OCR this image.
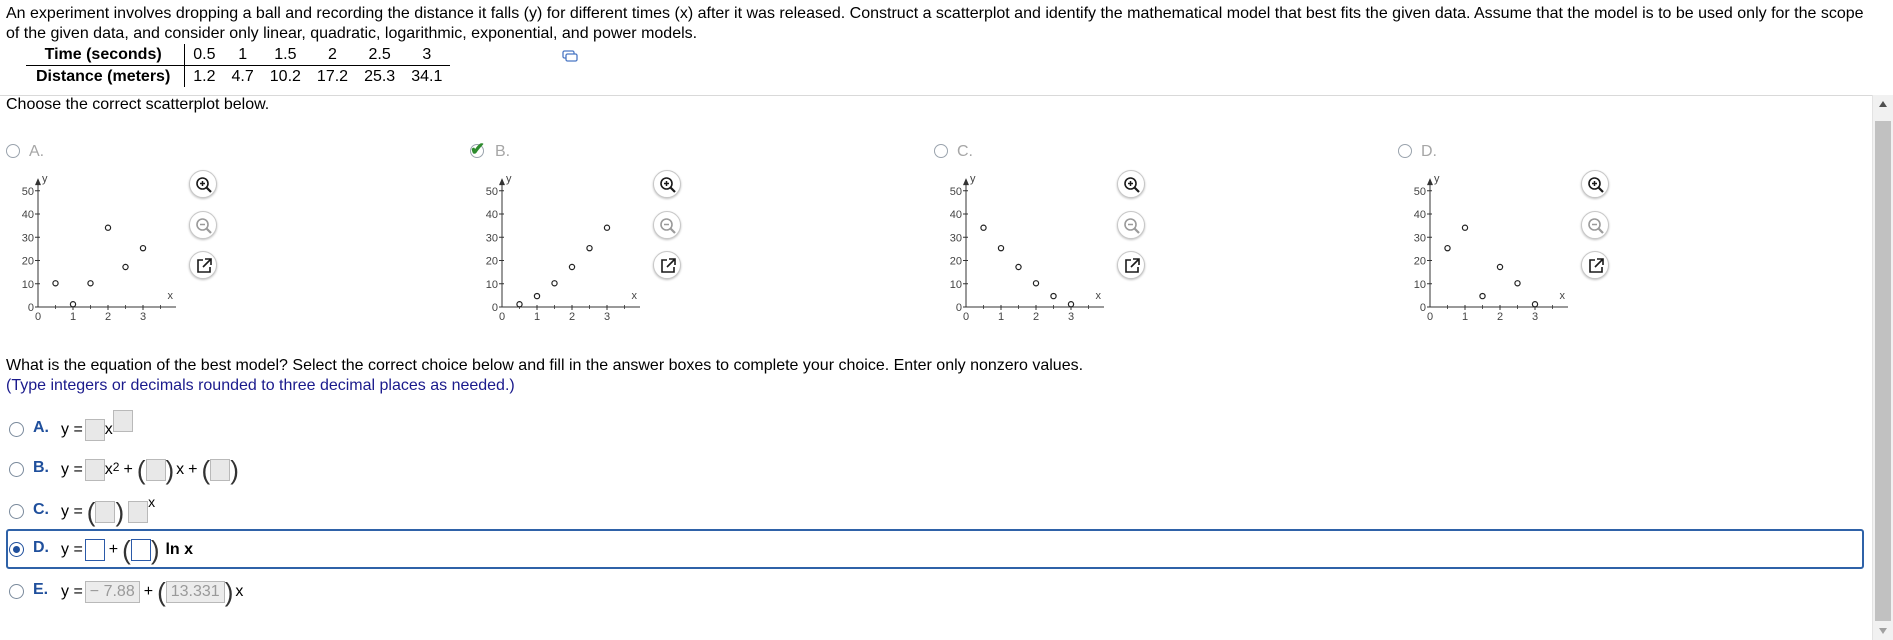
An experiment involves dropping a ball and recording the distance it falls (y) for different times (x) after it was released. Construct a scatterplot and identify the mathematical model that best fits the given data. Assume that the model is to be used only for the scope of the given data, and consider only linear, quadratic, logarithmic, exponential, and power models.
Time (seconds)	0.5	1	1.5	2	2.5	3
Distance (meters)	1.2	4.7	10.2	17.2	25.3	34.1
Choose the correct scatterplot below.
A.	✔ B.	C.	D.
50
40
30
20
10
0
0	1	2	3
y
x
50
40
30
20
10
0
0	1	2	3
y
x
50
40
30
20
10
0
0	1	2	3
y
x
50
40
30
20
10
0
0	1	2	3
y
x
What is the equation of the best model? Select the correct choice below and fill in the answer boxes to complete your choice. Enter only nonzero values.
(Type integers or decimals rounded to three decimal places as needed.)
A. y = x
B. $y = x^2$ + ( ) x + ( )
C. y = ( ) x
D. y = + ( ) ln x
E. y = − 7.88 + ( 13.331 ) x
